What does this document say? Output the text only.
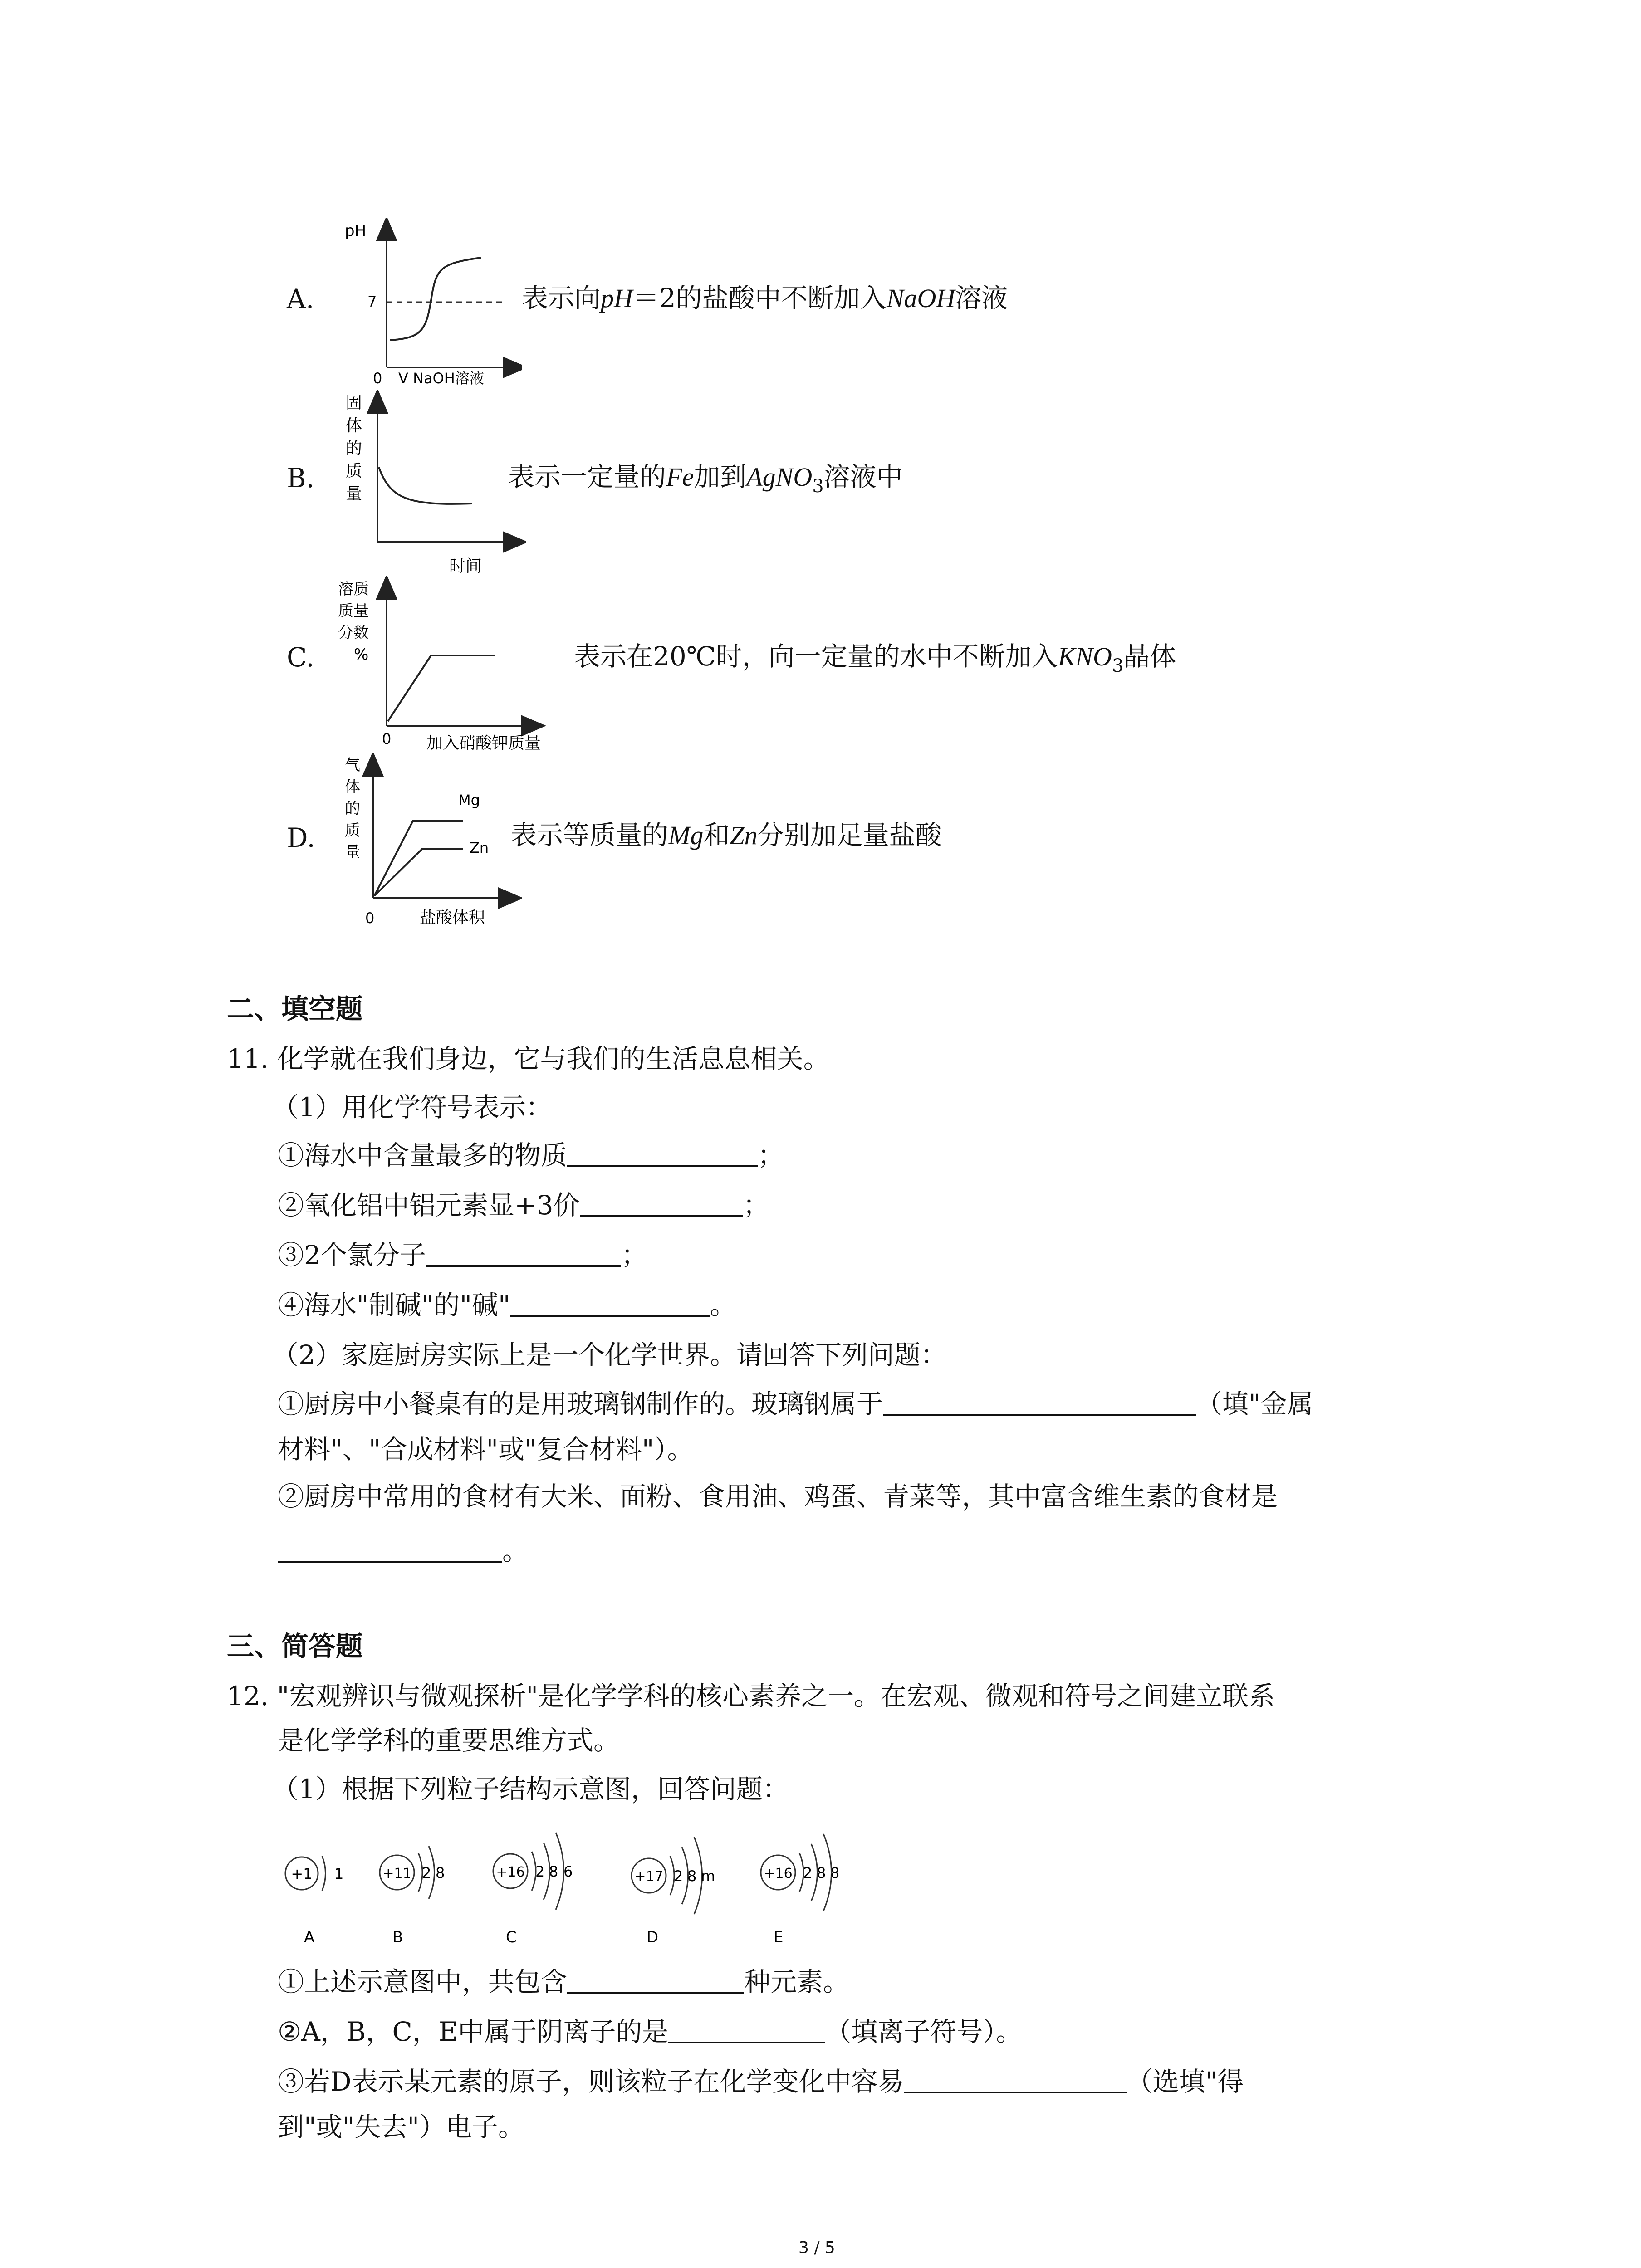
A.
pH
7
0 V NaOH溶液
表示向pH＝2的盐酸中不断加入NaOH溶液
B.
固
体
的
质
量
时间
表示一定量的Fe加到AgNO$_3$溶液中
C.
溶质
质量
分数
%
0 加入硝酸钾质量
表示在20℃时，向一定量的水中不断加入$KNO_3$晶体
D.
Mg
Zn
气
体
的
质
量
0	盐酸体积
表示等质量的Mg和Zn分别加足量盐酸
二、填空题
11. 化学就在我们身边，它与我们的生活息息相关。
（1）用化学符号表示：
①海水中含量最多的物质	；
②氧化铝中铝元素显+3价	；
③2个氯分子	；
④海水"制碱"的"碱"	。
（2）家庭厨房实际上是一个化学世界。请回答下列问题：
①厨房中小餐桌有的是用玻璃钢制作的。玻璃钢属于	（填"金属
材料"、"合成材料"或"复合材料"）。
②厨房中常用的食材有大米、面粉、食用油、鸡蛋、青菜等，其中富含维生素的食材是
。
三、简答题
12. "宏观辨识与微观探析"是化学学科的核心素养之一。在宏观、微观和符号之间建立联系
是化学学科的重要思维方式。
（1）根据下列粒子结构示意图，回答问题：
+1 1
A
+11 2 8
B
+16 2 8 6
C
+17 2 8 m
D
+16 2 8 8
E
①上述示意图中，共包含	种元素。
②A，B，C，E中属于阴离子的是	（填离子符号）。
③若D表示某元素的原子，则该粒子在化学变化中容易	（选填"得
到"或"失去"）电子。
3 / 5
